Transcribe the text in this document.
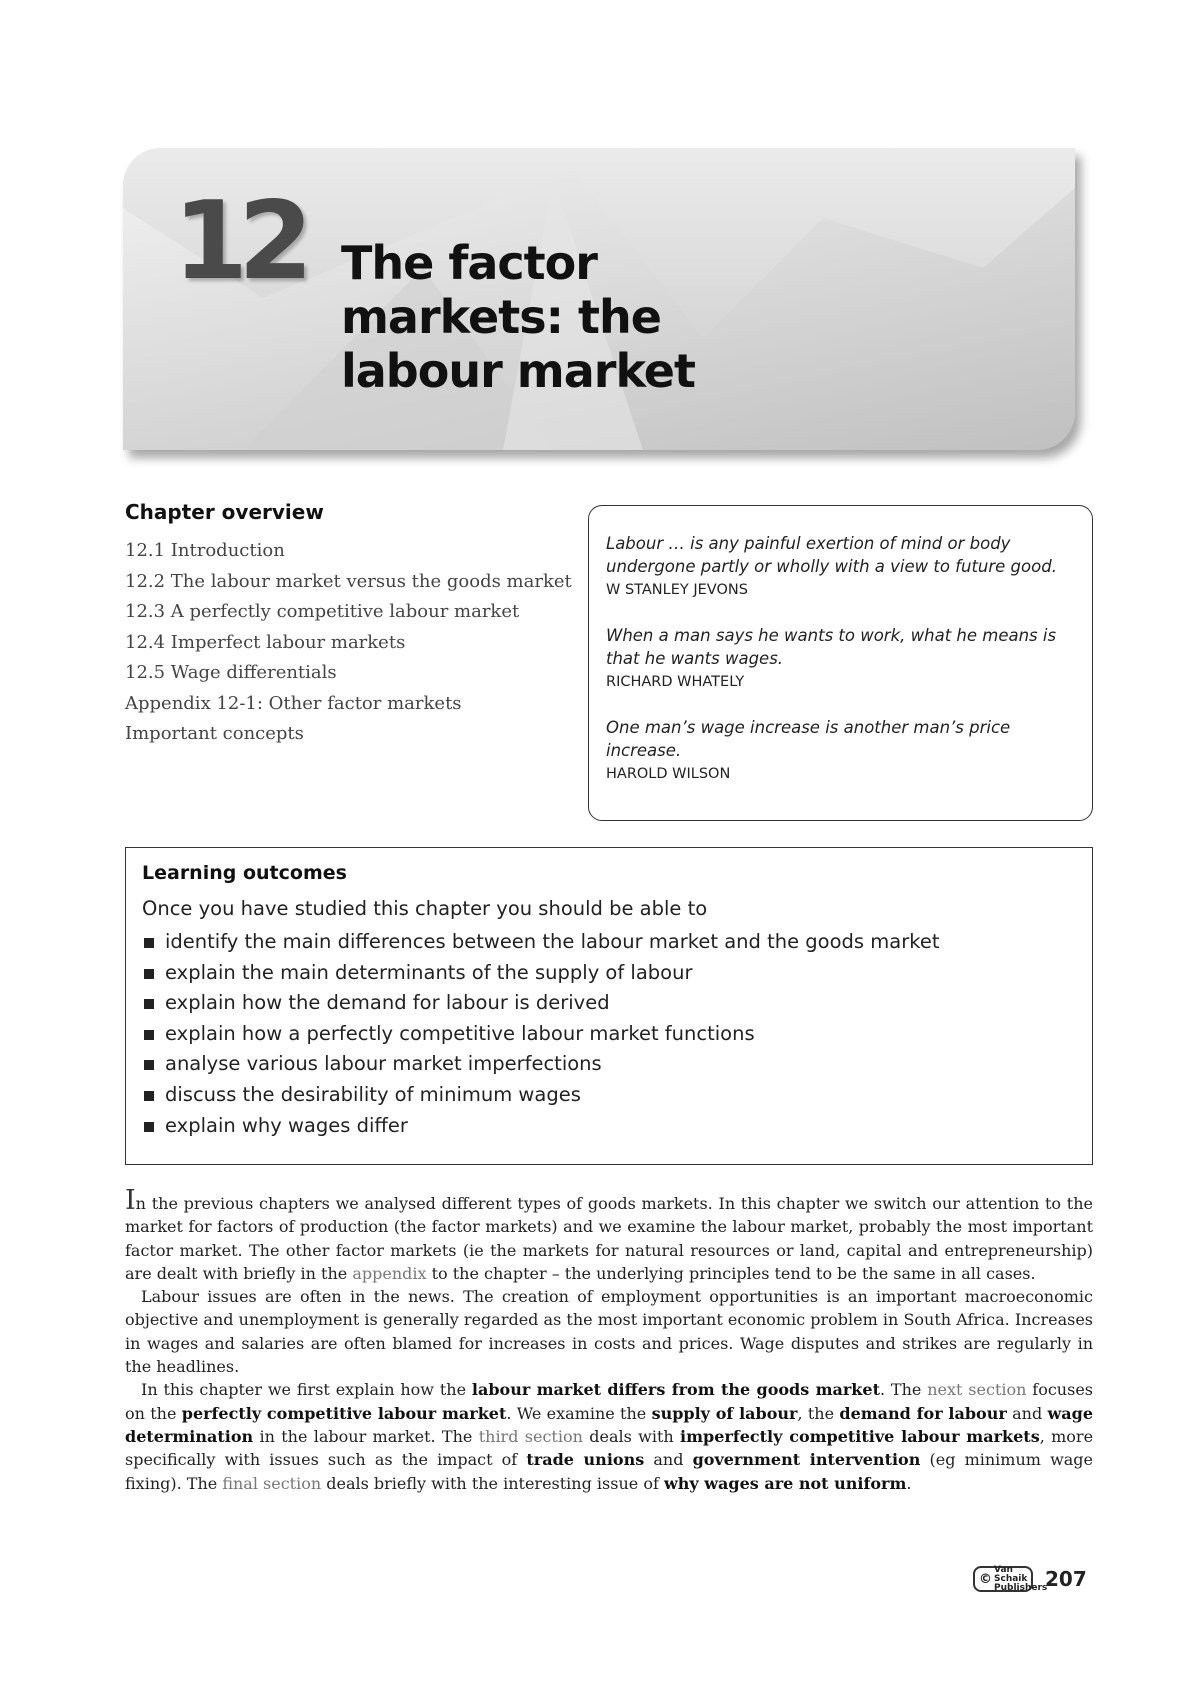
12 The factor
markets: the
labour market
Chapter overview
12.1 Introduction
12.2 The labour market versus the goods market
12.3 A perfectly competitive labour market
12.4 Imperfect labour markets
12.5 Wage differentials
Appendix 12-1: Other factor markets
Important concepts
Labour … is any painful exertion of mind or body undergone partly or wholly with a view to future good.
W STANLEY JEVONS
When a man says he wants to work, what he means is that he wants wages.
RICHARD WHATELY
One man’s wage increase is another man’s price increase.
HAROLD WILSON
Learning outcomes
Once you have studied this chapter you should be able to
identify the main differences between the labour market and the goods market
explain the main determinants of the supply of labour
explain how the demand for labour is derived
explain how a perfectly competitive labour market functions
analyse various labour market imperfections
discuss the desirability of minimum wages
explain why wages differ

In the previous chapters we analysed different types of goods markets. In this chapter we switch our attention to the market for factors of production (the factor markets) and we examine the labour market, probably the most important factor market. The other factor markets (ie the markets for natural resources or land, capital and entrepreneurship) are dealt with briefly in the appendix to the chapter – the underlying principles tend to be the same in all cases.

Labour issues are often in the news. The creation of employment opportunities is an important macroeconomic objective and unemployment is generally regarded as the most important economic problem in South Africa. Increases in wages and salaries are often blamed for increases in costs and prices. Wage disputes and strikes are regularly in the headlines.

In this chapter we first explain how the labour market differs from the goods market. The next section focuses on the perfectly competitive labour market. We examine the supply of labour, the demand for labour and wage determination in the labour market. The third section deals with imperfectly competitive labour markets, more specifically with issues such as the impact of trade unions and government intervention (eg minimum wage fixing). The final section deals briefly with the interesting issue of why wages are not uniform.

©
Van Schaik
Publishers
207
